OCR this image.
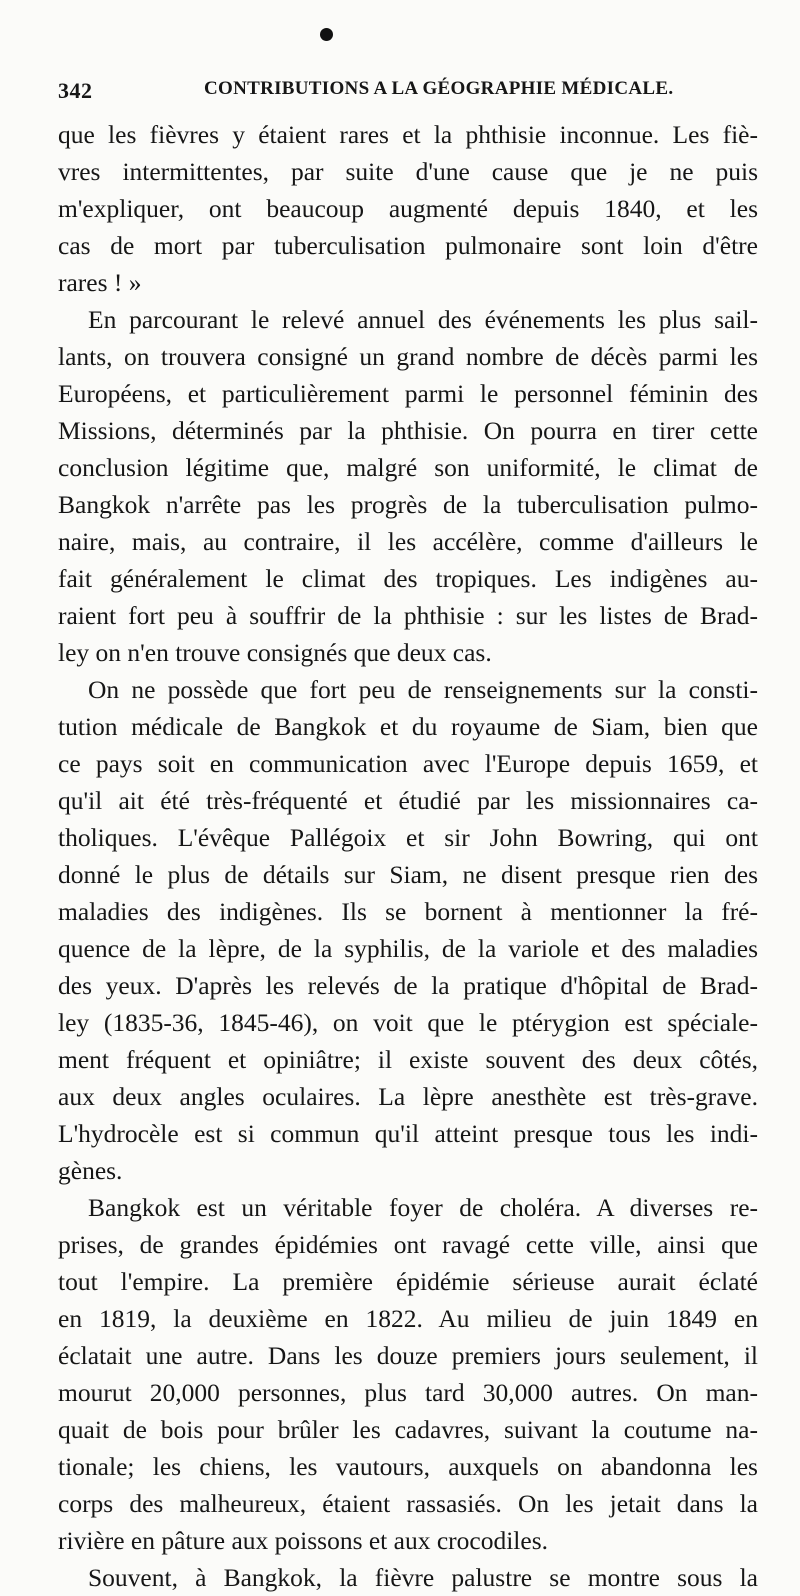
342	CONTRIBUTIONS A LA GÉOGRAPHIE MÉDICALE.
que les fièvres y étaient rares et la phthisie inconnue. Les fiè-
vres intermittentes, par suite d'une cause que je ne puis
m'expliquer, ont beaucoup augmenté depuis 1840, et les
cas de mort par tuberculisation pulmonaire sont loin d'être
rares ! »
En parcourant le relevé annuel des événements les plus sail-
lants, on trouvera consigné un grand nombre de décès parmi les
Européens, et particulièrement parmi le personnel féminin des
Missions, déterminés par la phthisie. On pourra en tirer cette
conclusion légitime que, malgré son uniformité, le climat de
Bangkok n'arrête pas les progrès de la tuberculisation pulmo-
naire, mais, au contraire, il les accélère, comme d'ailleurs le
fait généralement le climat des tropiques. Les indigènes au-
raient fort peu à souffrir de la phthisie : sur les listes de Brad-
ley on n'en trouve consignés que deux cas.
On ne possède que fort peu de renseignements sur la consti-
tution médicale de Bangkok et du royaume de Siam, bien que
ce pays soit en communication avec l'Europe depuis 1659, et
qu'il ait été très-fréquenté et étudié par les missionnaires ca-
tholiques. L'évêque Pallégoix et sir John Bowring, qui ont
donné le plus de détails sur Siam, ne disent presque rien des
maladies des indigènes. Ils se bornent à mentionner la fré-
quence de la lèpre, de la syphilis, de la variole et des maladies
des yeux. D'après les relevés de la pratique d'hôpital de Brad-
ley (1835-36, 1845-46), on voit que le ptérygion est spéciale-
ment fréquent et opiniâtre; il existe souvent des deux côtés,
aux deux angles oculaires. La lèpre anesthète est très-grave.
L'hydrocèle est si commun qu'il atteint presque tous les indi-
gènes.
Bangkok est un véritable foyer de choléra. A diverses re-
prises, de grandes épidémies ont ravagé cette ville, ainsi que
tout l'empire. La première épidémie sérieuse aurait éclaté
en 1819, la deuxième en 1822. Au milieu de juin 1849 en
éclatait une autre. Dans les douze premiers jours seulement, il
mourut 20,000 personnes, plus tard 30,000 autres. On man-
quait de bois pour brûler les cadavres, suivant la coutume na-
tionale; les chiens, les vautours, auxquels on abandonna les
corps des malheureux, étaient rassasiés. On les jetait dans la
rivière en pâture aux poissons et aux crocodiles.
Souvent, à Bangkok, la fièvre palustre se montre sous la
